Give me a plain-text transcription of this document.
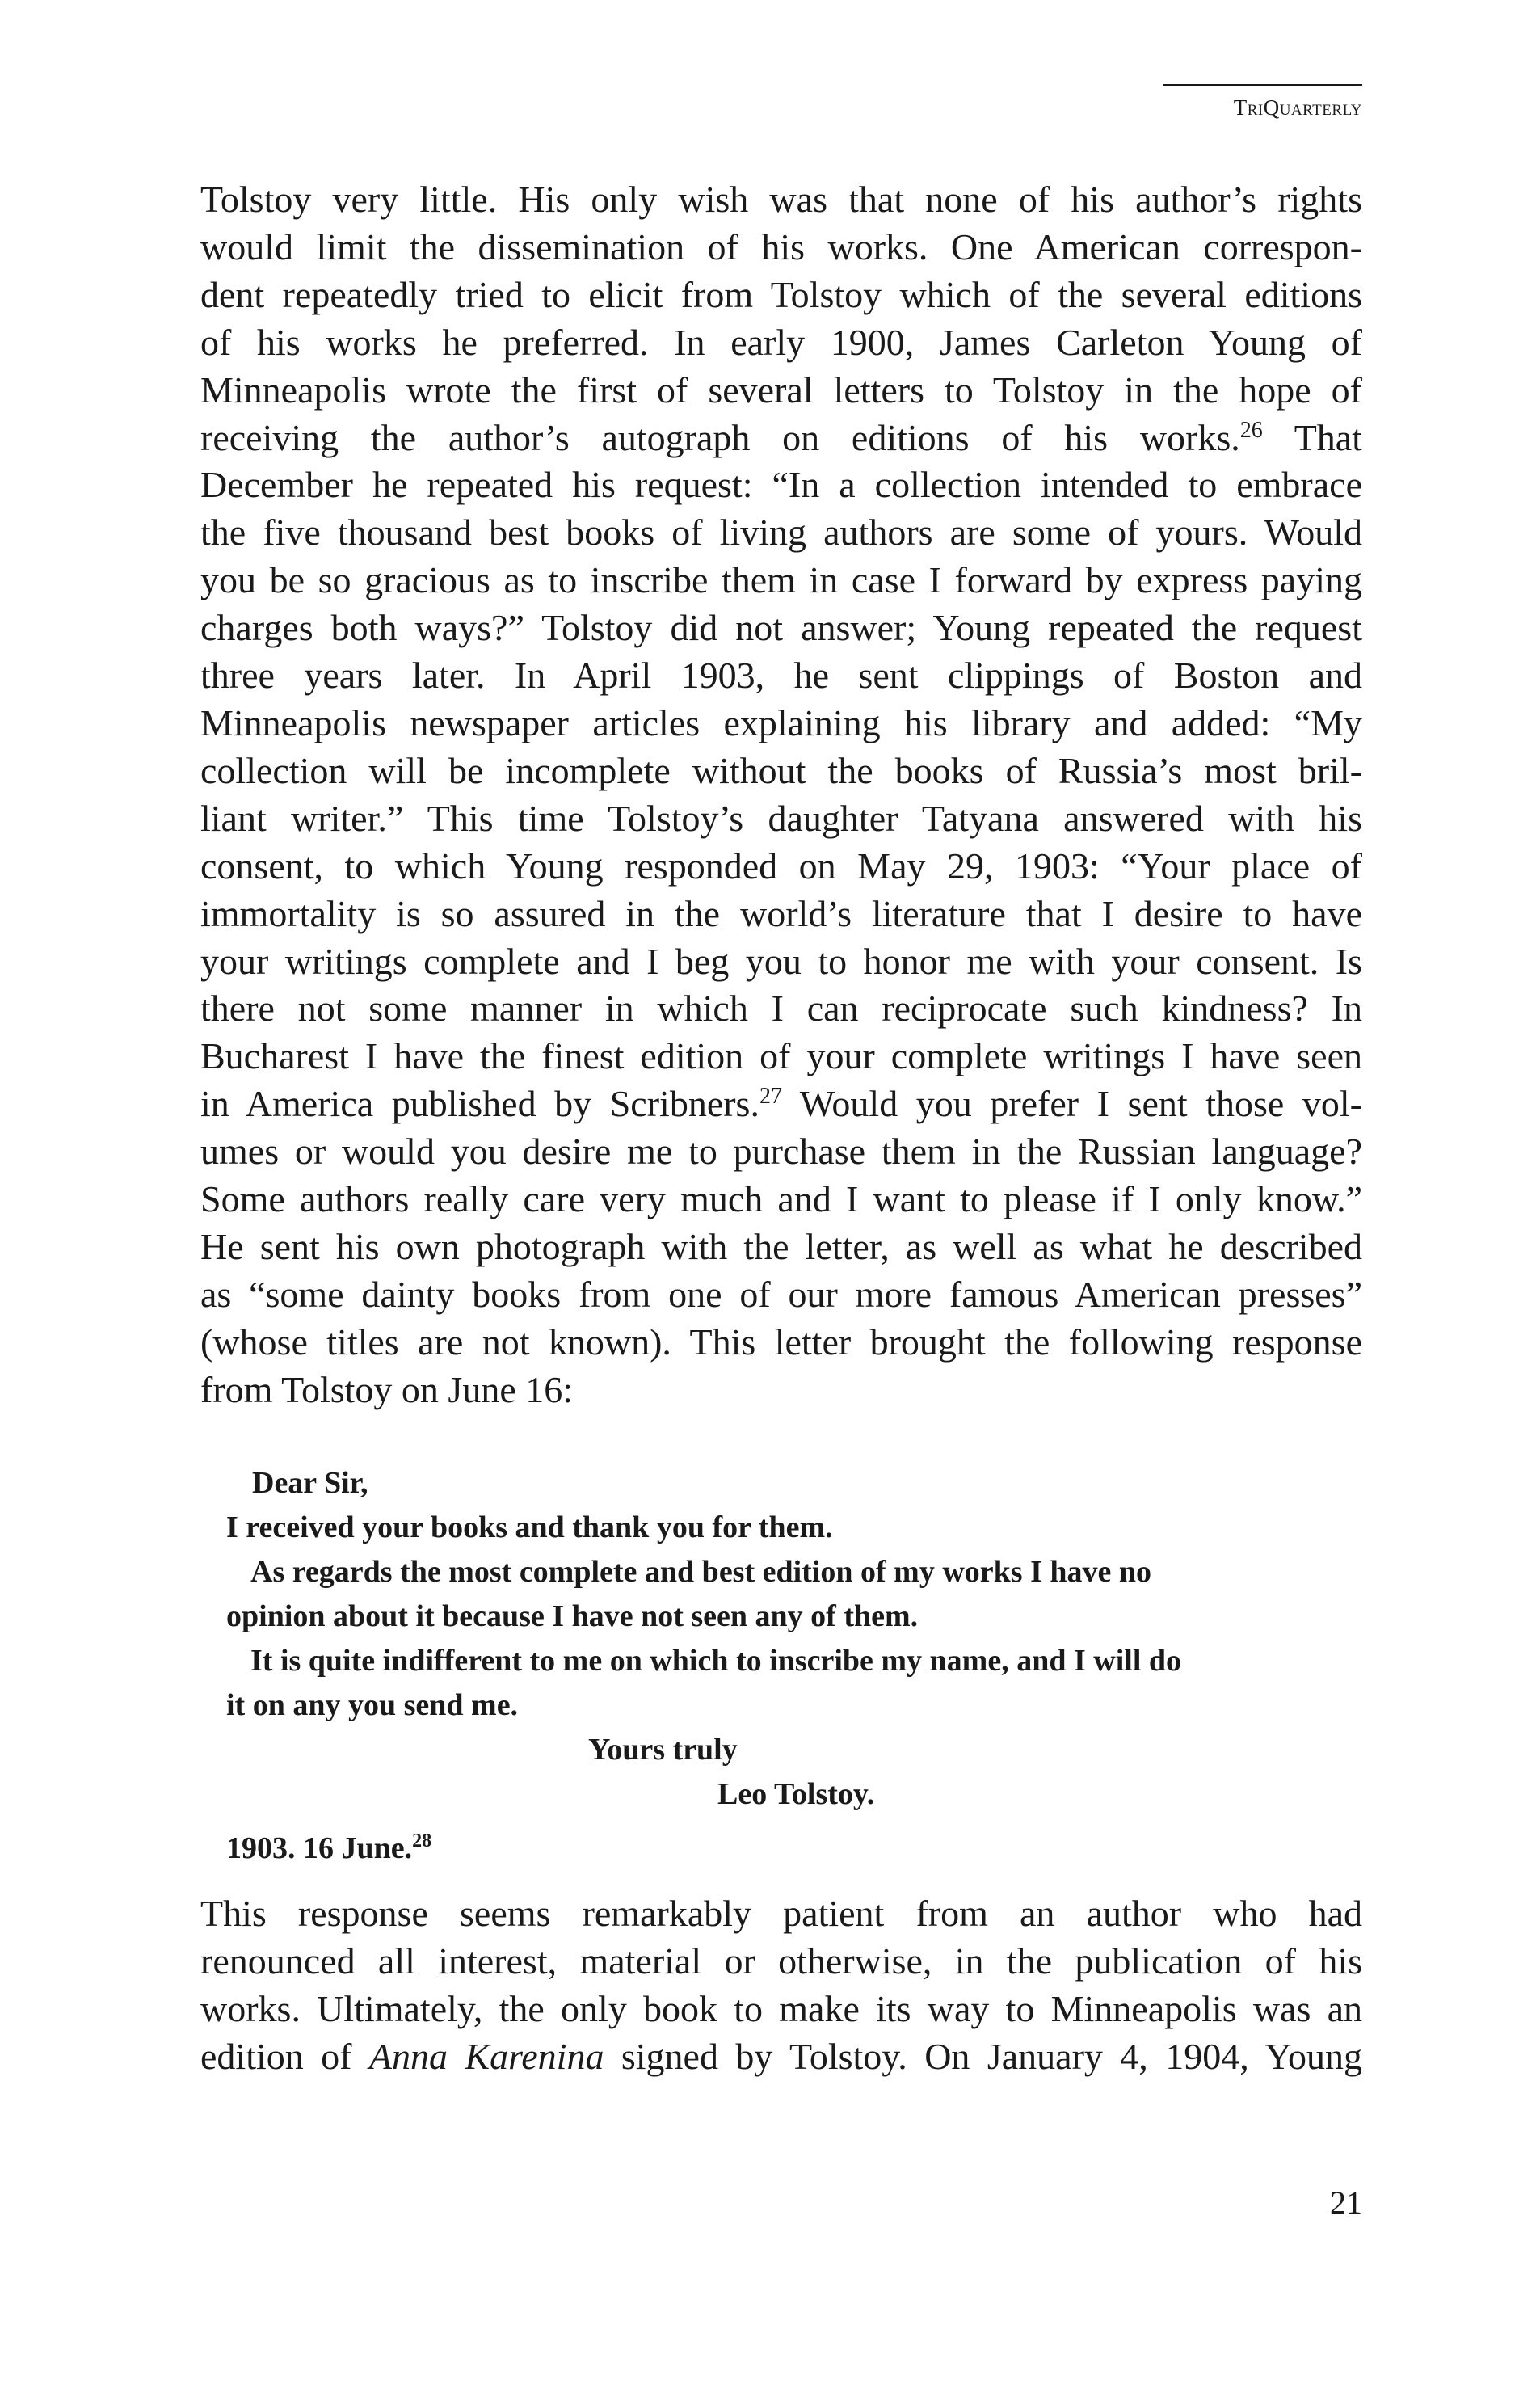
TriQuarterly
Tolstoy very little. His only wish was that none of his author’s rights
would limit the dissemination of his works. One American correspon-
dent repeatedly tried to elicit from Tolstoy which of the several editions
of his works he preferred. In early 1900, James Carleton Young of
Minneapolis wrote the first of several letters to Tolstoy in the hope of
receiving the author’s autograph on editions of his works.$^{26}$ That
December he repeated his request: “In a collection intended to embrace
the five thousand best books of living authors are some of yours. Would
you be so gracious as to inscribe them in case I forward by express paying
charges both ways?” Tolstoy did not answer; Young repeated the request
three years later. In April 1903, he sent clippings of Boston and
Minneapolis newspaper articles explaining his library and added: “My
collection will be incomplete without the books of Russia’s most bril-
liant writer.” This time Tolstoy’s daughter Tatyana answered with his
consent, to which Young responded on May 29, 1903: “Your place of
immortality is so assured in the world’s literature that I desire to have
your writings complete and I beg you to honor me with your consent. Is
there not some manner in which I can reciprocate such kindness? In
Bucharest I have the finest edition of your complete writings I have seen
in America published by Scribners.$^{27}$ Would you prefer I sent those vol-
umes or would you desire me to purchase them in the Russian language?
Some authors really care very much and I want to please if I only know.”
He sent his own photograph with the letter, as well as what he described
as “some dainty books from one of our more famous American presses”
(whose titles are not known). This letter brought the following response
from Tolstoy on June 16:
Dear Sir,
I received your books and thank you for them.
As regards the most complete and best edition of my works I have no
opinion about it because I have not seen any of them.
It is quite indifferent to me on which to inscribe my name, and I will do
it on any you send me.
Yours truly
Leo Tolstoy.
1903. 16 June.$^{28}$
This response seems remarkably patient from an author who had
renounced all interest, material or otherwise, in the publication of his
works. Ultimately, the only book to make its way to Minneapolis was an
edition of Anna Karenina signed by Tolstoy. On January 4, 1904, Young
21
